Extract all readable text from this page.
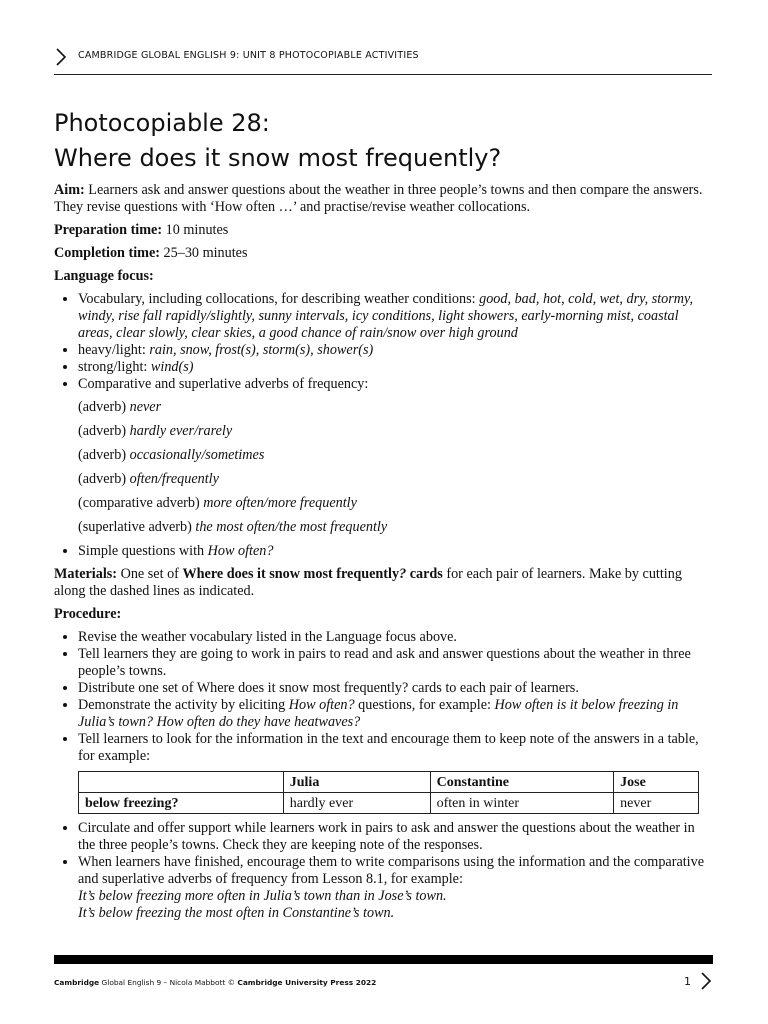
CAMBRIDGE GLOBAL ENGLISH 9: UNIT 8 PHOTOCOPIABLE ACTIVITIES
Photocopiable 28:
Where does it snow most frequently?

Aim: Learners ask and answer questions about the weather in three people’s towns and then compare the answers. They revise questions with ‘How often …’ and practise/revise weather collocations.

Preparation time: 10 minutes

Completion time: 25–30 minutes

Language focus:

• Vocabulary, including collocations, for describing weather conditions: good, bad, hot, cold, wet, dry, stormy, windy, rise fall rapidly/slightly, sunny intervals, icy conditions, light showers, early-morning mist, coastal areas, clear slowly, clear skies, a good chance of rain/snow over high ground
• heavy/light: rain, snow, frost(s), storm(s), shower(s)
• strong/light: wind(s)
• Comparative and superlative adverbs of frequency:

(adverb) never

(adverb) hardly ever/rarely

(adverb) occasionally/sometimes

(adverb) often/frequently

(comparative adverb) more often/more frequently

(superlative adverb) the most often/the most frequently

• Simple questions with How often?

Materials: One set of Where does it snow most frequently? cards for each pair of learners. Make by cutting along the dashed lines as indicated.

Procedure:

• Revise the weather vocabulary listed in the Language focus above.
• Tell learners they are going to work in pairs to read and ask and answer questions about the weather in three people’s towns.
• Distribute one set of Where does it snow most frequently? cards to each pair of learners.
• Demonstrate the activity by eliciting How often? questions, for example: How often is it below freezing in Julia’s town? How often do they have heatwaves?
• Tell learners to look for the information in the text and encourage them to keep note of the answers in a table, for example:
	Julia	Constantine	Jose
below freezing?	hardly ever	often in winter	never
• Circulate and offer support while learners work in pairs to ask and answer the questions about the weather in the three people’s towns. Check they are keeping note of the responses.
• When learners have finished, encourage them to write comparisons using the information and the comparative and superlative adverbs of frequency from Lesson 8.1, for example:
It’s below freezing more often in Julia’s town than in Jose’s town.
It’s below freezing the most often in Constantine’s town.
Cambridge Global English 9 – Nicola Mabbott © Cambridge University Press 2022	1
